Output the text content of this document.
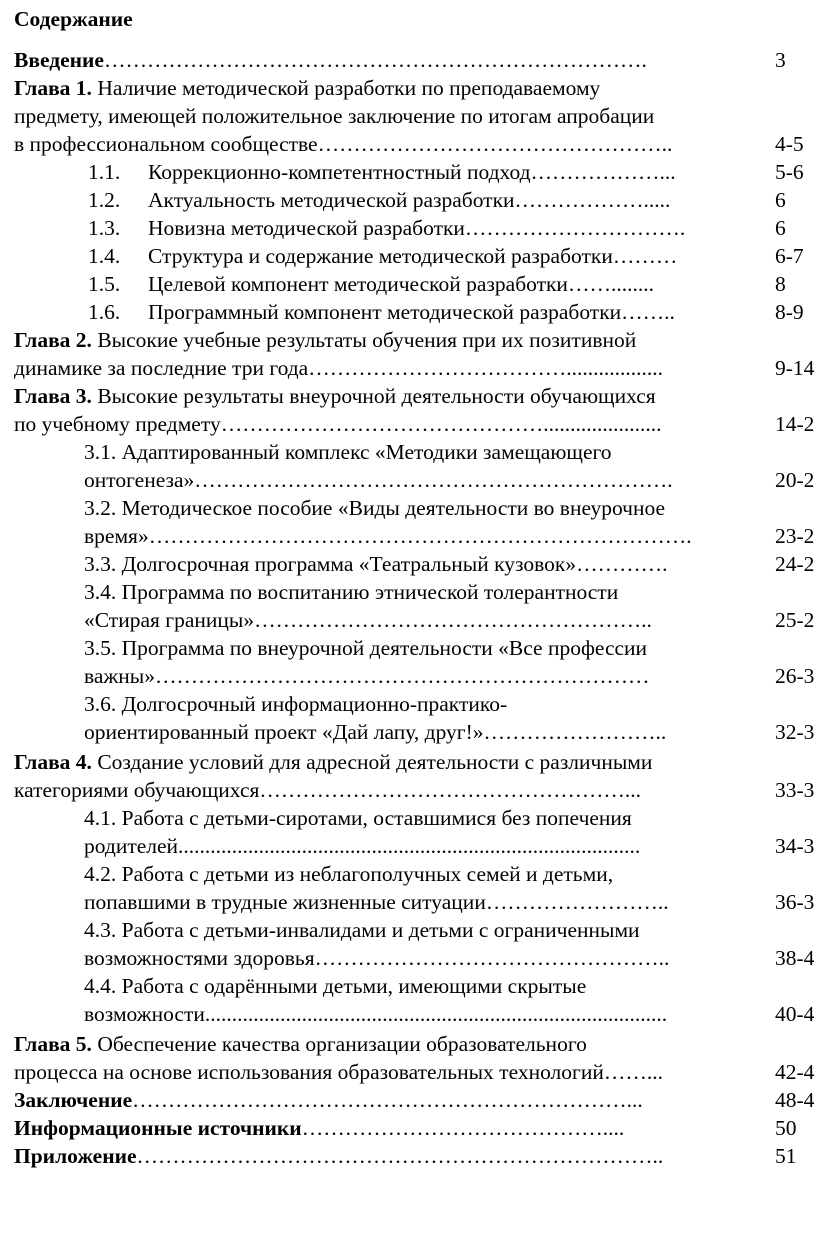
Содержание
Введение………………………………………………………………….	3
Глава 1. Наличие методической разработки по преподаваемому
предмету, имеющей положительное заключение по итогам апробации
в профессиональном сообществе…………………………………………..	4-5
1.1. Коррекционно-компетентностный подход………………...	5-6
1.2. Актуальность методической разработки……………….....	6
1.3. Новизна методической разработки………………………….	6
1.4. Структура и содержание методической разработки………	6-7
1.5. Целевой компонент методической разработки……........	8
1.6. Программный компонент методической разработки……..	8-9
Глава 2. Высокие учебные результаты обучения при их позитивной
динамике за последние три года………………………………..................	9-14
Глава 3. Высокие результаты внеурочной деятельности обучающихся
по учебному предмету………………………………………......................	14-2
3.1. Адаптированный комплекс «Методики замещающего
онтогенеза»………………………………………………………….	20-2
3.2. Методическое пособие «Виды деятельности во внеурочное
время»………………………………………………………………….	23-2
3.3. Долгосрочная программа «Театральный кузовок»………….	24-2
3.4. Программа по воспитанию этнической толерантности
«Стирая границы»………………………………………………..	25-2
3.5. Программа по внеурочной деятельности «Все профессии
важны»……………………………………………………………	26-3
3.6. Долгосрочный информационно-практико-
ориентированный проект «Дай лапу, друг!»……………………..	32-3
Глава 4. Создание условий для адресной деятельности с различными
категориями обучающихся……………………………………………...	33-3
4.1. Работа с детьми-сиротами, оставшимися без попечения
родителей......................................................................................	34-3
4.2. Работа с детьми из неблагополучных семей и детьми,
попавшими в трудные жизненные ситуации……………………..	36-3
4.3. Работа с детьми-инвалидами и детьми с ограниченными
возможностями здоровья…………………………………………..	38-4
4.4. Работа с одарёнными детьми, имеющими скрытые
возможности......................................................................................	40-4
Глава 5. Обеспечение качества организации образовательного
процесса на основе использования образовательных технологий……...	42-4
Заключение……………………………………………………………...	48-4
Информационные источники……………………………………....	50
Приложение………………………………………………………………..	51
